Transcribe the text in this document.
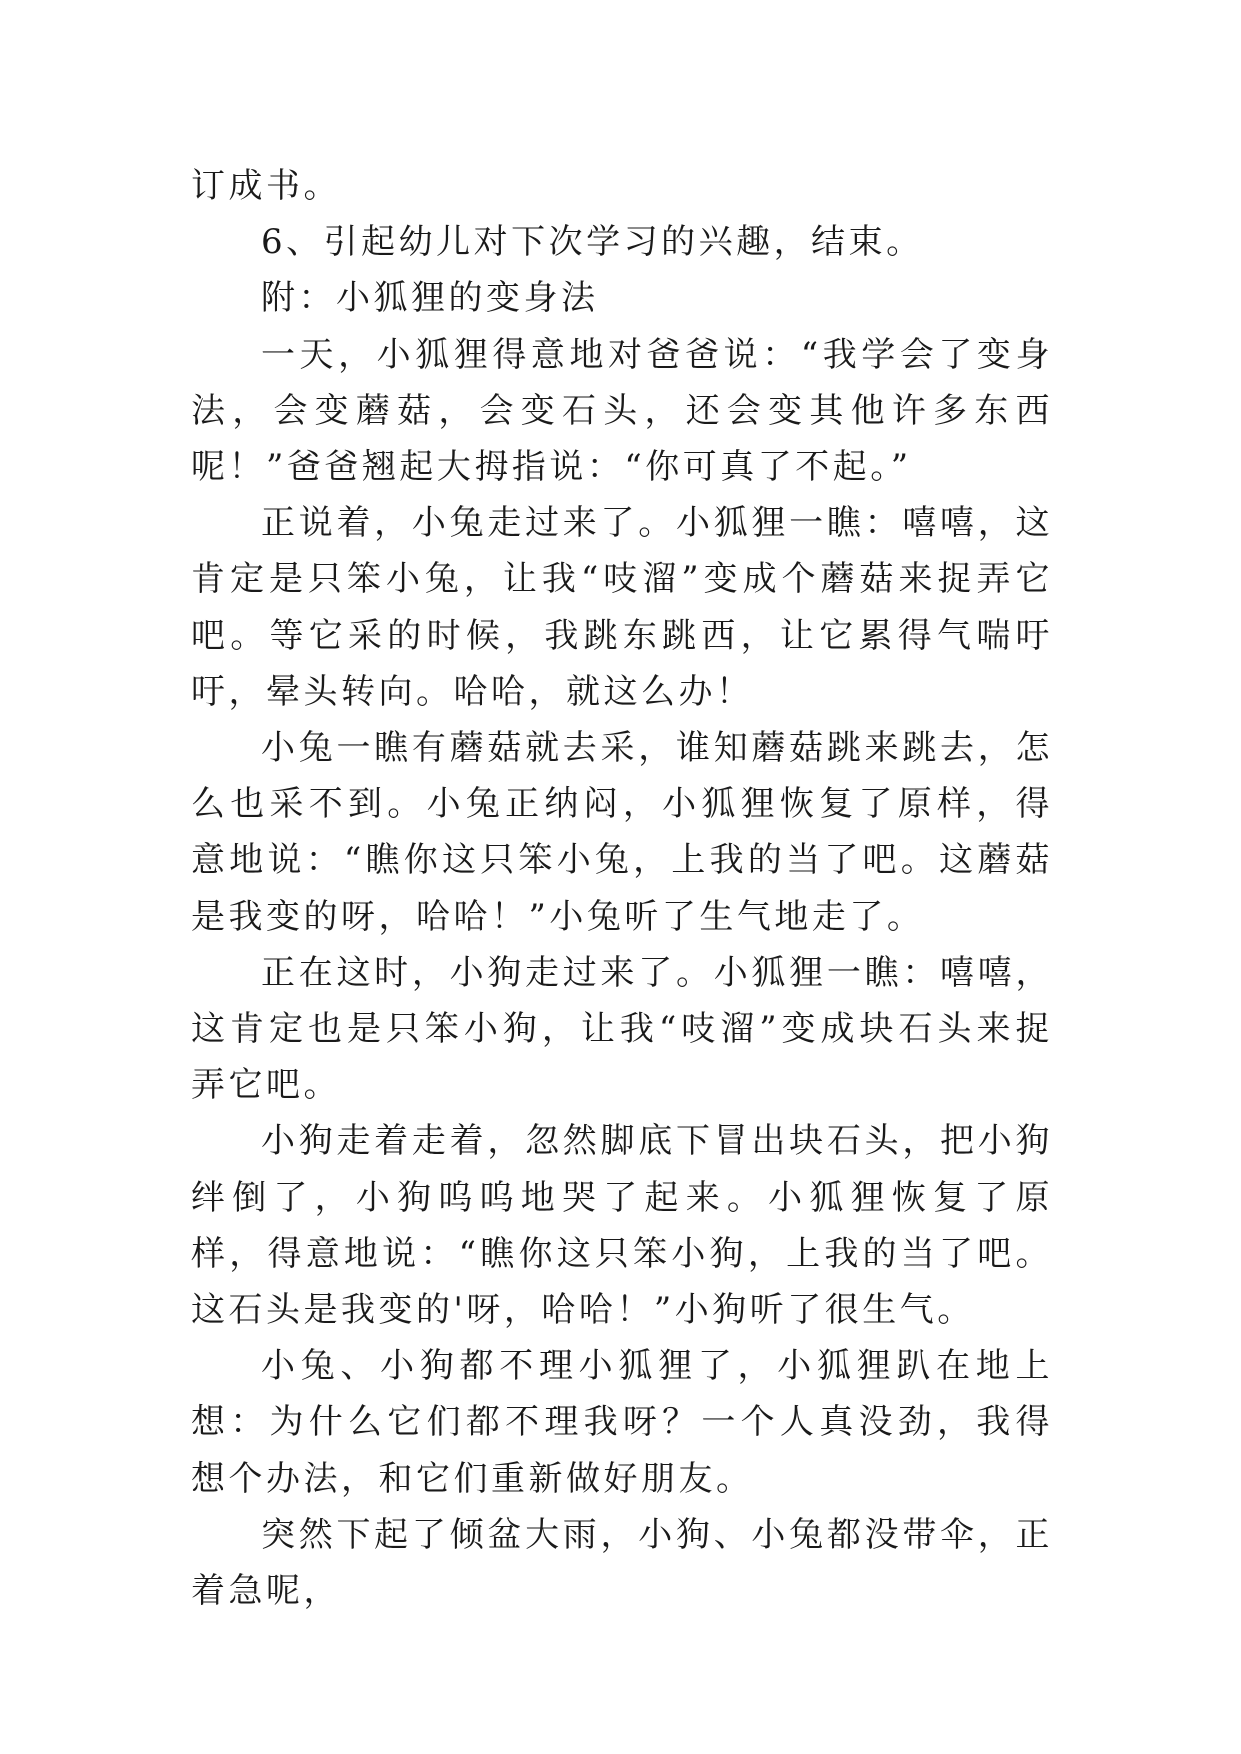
订成书。

6、引起幼儿对下次学习的兴趣，结束。

附：小狐狸的变身法

一天，小狐狸得意地对爸爸说：“我学会了变身法，会变蘑菇，会变石头，还会变其他许多东西呢！”爸爸翘起大拇指说：“你可真了不起。”

正说着，小兔走过来了。小狐狸一瞧：嘻嘻，这肯定是只笨小兔，让我“吱溜”变成个蘑菇来捉弄它吧。等它采的时候，我跳东跳西，让它累得气喘吁吁，晕头转向。哈哈，就这么办！

小兔一瞧有蘑菇就去采，谁知蘑菇跳来跳去，怎么也采不到。小兔正纳闷，小狐狸恢复了原样，得意地说：“瞧你这只笨小兔，上我的当了吧。这蘑菇是我变的呀，哈哈！”小兔听了生气地走了。

正在这时，小狗走过来了。小狐狸一瞧：嘻嘻，这肯定也是只笨小狗，让我“吱溜”变成块石头来捉弄它吧。

小狗走着走着，忽然脚底下冒出块石头，把小狗绊倒了，小狗呜呜地哭了起来。小狐狸恢复了原样，得意地说：“瞧你这只笨小狗，上我的当了吧。这石头是我变的'呀，哈哈！”小狗听了很生气。

小兔、小狗都不理小狐狸了，小狐狸趴在地上想：为什么它们都不理我呀？一个人真没劲，我得想个办法，和它们重新做好朋友。

突然下起了倾盆大雨，小狗、小兔都没带伞，正着急呢，
